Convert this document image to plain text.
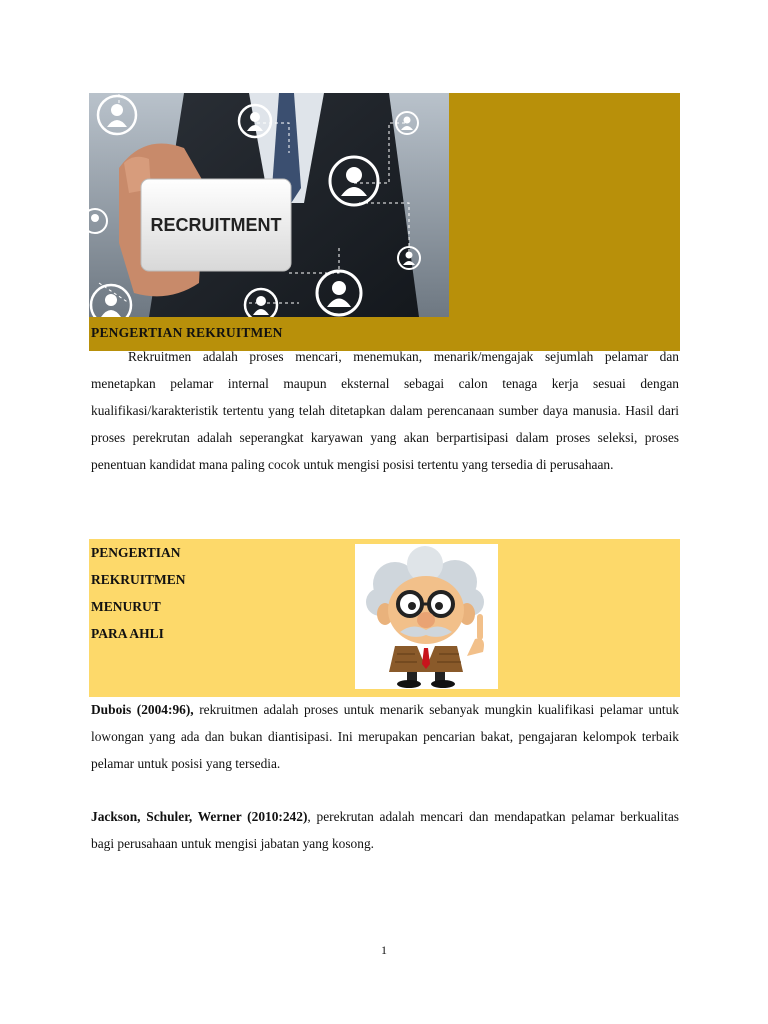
RECRUITMENT
PENGERTIAN REKRUITMEN

Rekruitmen adalah proses mencari, menemukan, menarik/mengajak sejumlah pelamar dan menetapkan pelamar internal maupun eksternal sebagai calon tenaga kerja sesuai dengan kualifikasi/karakteristik tertentu yang telah ditetapkan dalam perencanaan sumber daya manusia. Hasil dari proses perekrutan adalah seperangkat karyawan yang akan berpartisipasi dalam proses seleksi, proses penentuan kandidat mana paling cocok untuk mengisi posisi tertentu yang tersedia di perusahaan.

PENGERTIAN
REKRUITMEN
MENURUT
PARA AHLI

Dubois (2004:96), rekruitmen adalah proses untuk menarik sebanyak mungkin kualifikasi pelamar untuk lowongan yang ada dan bukan diantisipasi. Ini merupakan pencarian bakat, pengajaran kelompok terbaik pelamar untuk posisi yang tersedia.

Jackson, Schuler, Werner (2010:242), perekrutan adalah mencari dan mendapatkan pelamar berkualitas bagi perusahaan untuk mengisi jabatan yang kosong.

1
